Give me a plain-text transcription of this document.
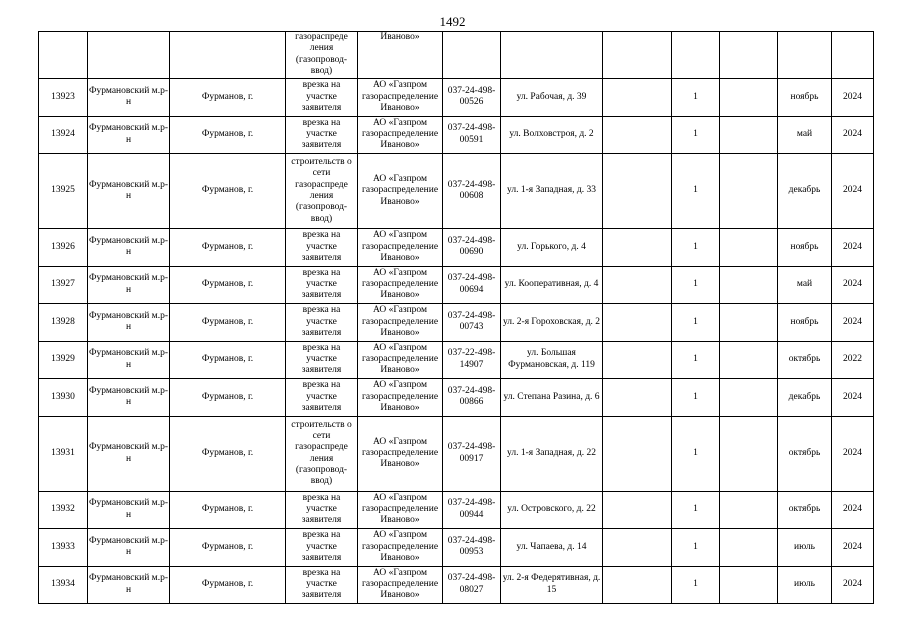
1492
			газораспреде ления (газопровод- ввод)	Иваново»							
13923	Фурмановский м.р-н	Фурманов, г.	врезка на участке заявителя	АО «Газпром газораспределение Иваново»	037-24-498-00526	ул. Рабочая, д. 39		1		ноябрь	2024
13924	Фурмановский м.р-н	Фурманов, г.	врезка на участке заявителя	АО «Газпром газораспределение Иваново»	037-24-498-00591	ул. Волховстроя, д. 2		1		май	2024
13925	Фурмановский м.р-н	Фурманов, г.	строительств о сети газораспреде ления (газопровод- ввод)	АО «Газпром газораспределение Иваново»	037-24-498-00608	ул. 1-я Западная, д. 33		1		декабрь	2024
13926	Фурмановский м.р-н	Фурманов, г.	врезка на участке заявителя	АО «Газпром газораспределение Иваново»	037-24-498-00690	ул. Горького, д. 4		1		ноябрь	2024
13927	Фурмановский м.р-н	Фурманов, г.	врезка на участке заявителя	АО «Газпром газораспределение Иваново»	037-24-498-00694	ул. Кооперативная, д. 4		1		май	2024
13928	Фурмановский м.р-н	Фурманов, г.	врезка на участке заявителя	АО «Газпром газораспределение Иваново»	037-24-498-00743	ул. 2-я Гороховская, д. 2		1		ноябрь	2024
13929	Фурмановский м.р-н	Фурманов, г.	врезка на участке заявителя	АО «Газпром газораспределение Иваново»	037-22-498-14907	ул. Большая Фурмановская, д. 119		1		октябрь	2022
13930	Фурмановский м.р-н	Фурманов, г.	врезка на участке заявителя	АО «Газпром газораспределение Иваново»	037-24-498-00866	ул. Степана Разина, д. 6		1		декабрь	2024
13931	Фурмановский м.р-н	Фурманов, г.	строительств о сети газораспреде ления (газопровод- ввод)	АО «Газпром газораспределение Иваново»	037-24-498-00917	ул. 1-я Западная, д. 22		1		октябрь	2024
13932	Фурмановский м.р-н	Фурманов, г.	врезка на участке заявителя	АО «Газпром газораспределение Иваново»	037-24-498-00944	ул. Островского, д. 22		1		октябрь	2024
13933	Фурмановский м.р-н	Фурманов, г.	врезка на участке заявителя	АО «Газпром газораспределение Иваново»	037-24-498-00953	ул. Чапаева, д. 14		1		июль	2024
13934	Фурмановский м.р-н	Фурманов, г.	врезка на участке заявителя	АО «Газпром газораспределение Иваново»	037-24-498-08027	ул. 2-я Федерятивная, д. 15		1		июль	2024
